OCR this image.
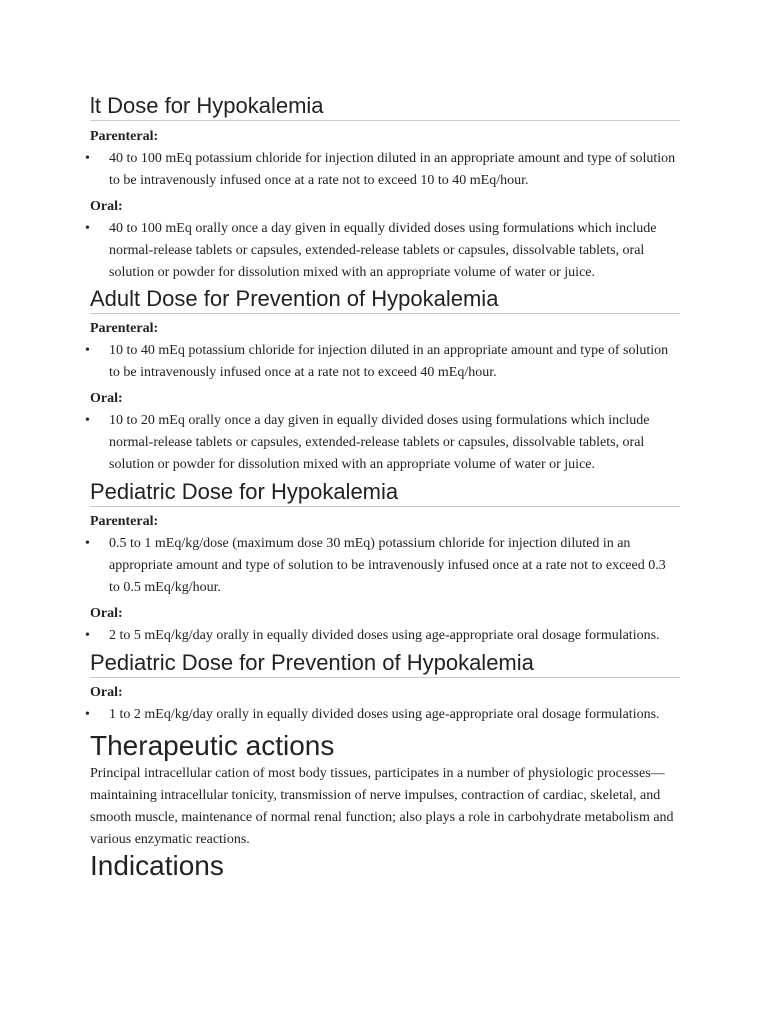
lt Dose for Hypokalemia

Parenteral:

• 40 to 100 mEq potassium chloride for injection diluted in an appropriate amount and type of solution to be intravenously infused once at a rate not to exceed 10 to 40 mEq/hour.

Oral:

• 40 to 100 mEq orally once a day given in equally divided doses using formulations which include normal-release tablets or capsules, extended-release tablets or capsules, dissolvable tablets, oral solution or powder for dissolution mixed with an appropriate volume of water or juice.
Adult Dose for Prevention of Hypokalemia

Parenteral:

• 10 to 40 mEq potassium chloride for injection diluted in an appropriate amount and type of solution to be intravenously infused once at a rate not to exceed 40 mEq/hour.

Oral:

• 10 to 20 mEq orally once a day given in equally divided doses using formulations which include normal-release tablets or capsules, extended-release tablets or capsules, dissolvable tablets, oral solution or powder for dissolution mixed with an appropriate volume of water or juice.
Pediatric Dose for Hypokalemia

Parenteral:

• 0.5 to 1 mEq/kg/dose (maximum dose 30 mEq) potassium chloride for injection diluted in an appropriate amount and type of solution to be intravenously infused once at a rate not to exceed 0.3 to 0.5 mEq/kg/hour.

Oral:

• 2 to 5 mEq/kg/day orally in equally divided doses using age-appropriate oral dosage formulations.
Pediatric Dose for Prevention of Hypokalemia

Oral:

• 1 to 2 mEq/kg/day orally in equally divided doses using age-appropriate oral dosage formulations.
Therapeutic actions

Principal intracellular cation of most body tissues, participates in a number of physiologic processes—maintaining intracellular tonicity, transmission of nerve impulses, contraction of cardiac, skeletal, and smooth muscle, maintenance of normal renal function; also plays a role in carbohydrate metabolism and various enzymatic reactions.

Indications
